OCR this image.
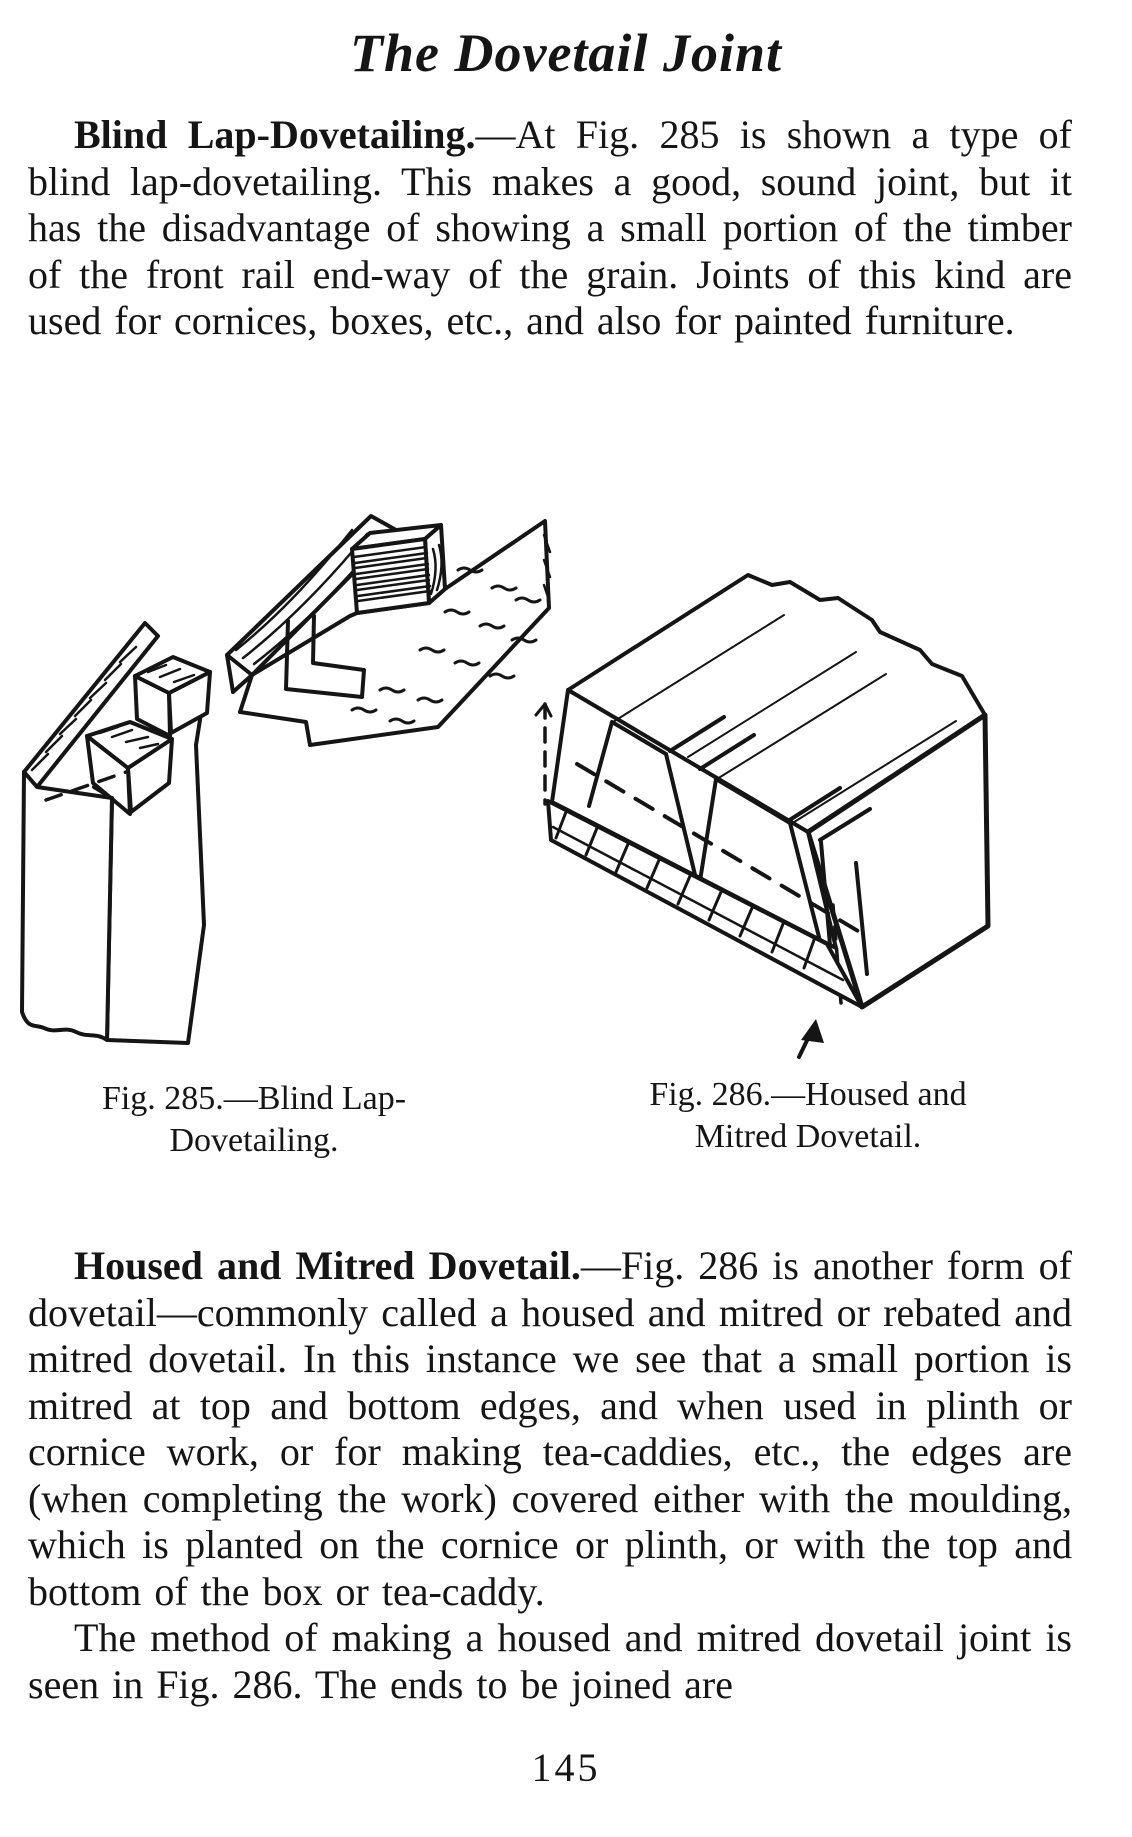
The Dovetail Joint

Blind Lap-Dovetailing.—At Fig. 285 is shown a type of blind lap-dovetailing. This makes a good, sound joint, but it has the disadvantage of showing a small portion of the timber of the front rail end-way of the grain. Joints of this kind are used for cornices, boxes, etc., and also for painted furniture.

Fig. 285.—Blind Lap-
Dovetailing.
Fig. 286.—Housed and
Mitred Dovetail.

Housed and Mitred Dovetail.—Fig. 286 is another form of dovetail—commonly called a housed and mitred or rebated and mitred dovetail. In this instance we see that a small portion is mitred at top and bottom edges, and when used in plinth or cornice work, or for making tea-caddies, etc., the edges are (when completing the work) covered either with the moulding, which is planted on the cornice or plinth, or with the top and bottom of the box or tea-caddy.

The method of making a housed and mitred dovetail joint is seen in Fig. 286. The ends to be joined are

145
